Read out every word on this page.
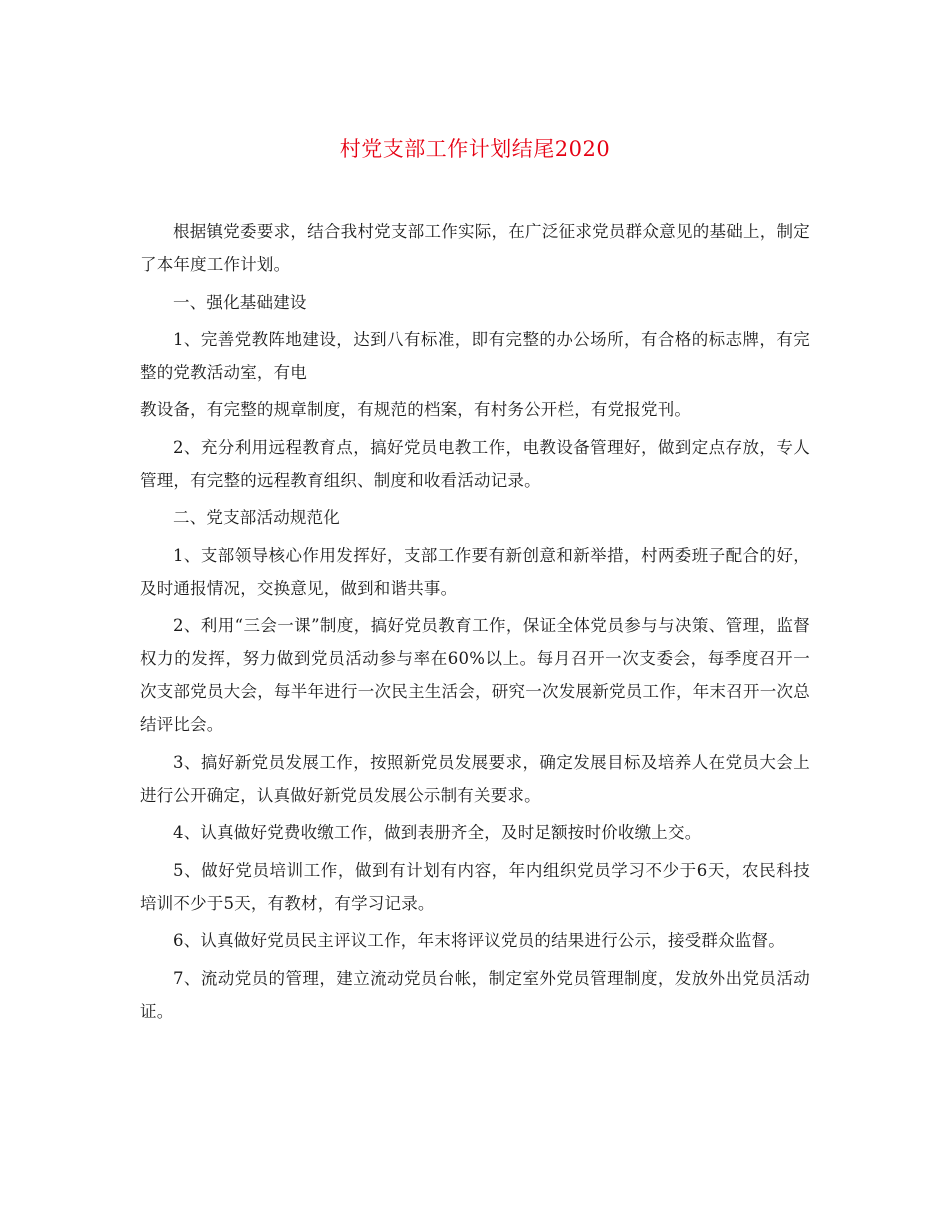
村党支部工作计划结尾2020

根据镇党委要求，结合我村党支部工作实际，在广泛征求党员群众意见的基础上，制定了本年度工作计划。

一、强化基础建设

1、完善党教阵地建设，达到八有标准，即有完整的办公场所，有合格的标志牌，有完整的党教活动室，有电

教设备，有完整的规章制度，有规范的档案，有村务公开栏，有党报党刊。

2、充分利用远程教育点，搞好党员电教工作，电教设备管理好，做到定点存放，专人管理，有完整的远程教育组织、制度和收看活动记录。

二、党支部活动规范化

1、支部领导核心作用发挥好，支部工作要有新创意和新举措，村两委班子配合的好，及时通报情况，交换意见，做到和谐共事。

2、利用“三会一课”制度，搞好党员教育工作，保证全体党员参与与决策、管理，监督权力的发挥，努力做到党员活动参与率在60%以上。每月召开一次支委会，每季度召开一次支部党员大会，每半年进行一次民主生活会，研究一次发展新党员工作，年末召开一次总结评比会。

3、搞好新党员发展工作，按照新党员发展要求，确定发展目标及培养人在党员大会上进行公开确定，认真做好新党员发展公示制有关要求。

4、认真做好党费收缴工作，做到表册齐全，及时足额按时价收缴上交。

5、做好党员培训工作，做到有计划有内容，年内组织党员学习不少于6天，农民科技培训不少于5天，有教材，有学习记录。

6、认真做好党员民主评议工作，年末将评议党员的结果进行公示，接受群众监督。

7、流动党员的管理，建立流动党员台帐，制定室外党员管理制度，发放外出党员活动证。
